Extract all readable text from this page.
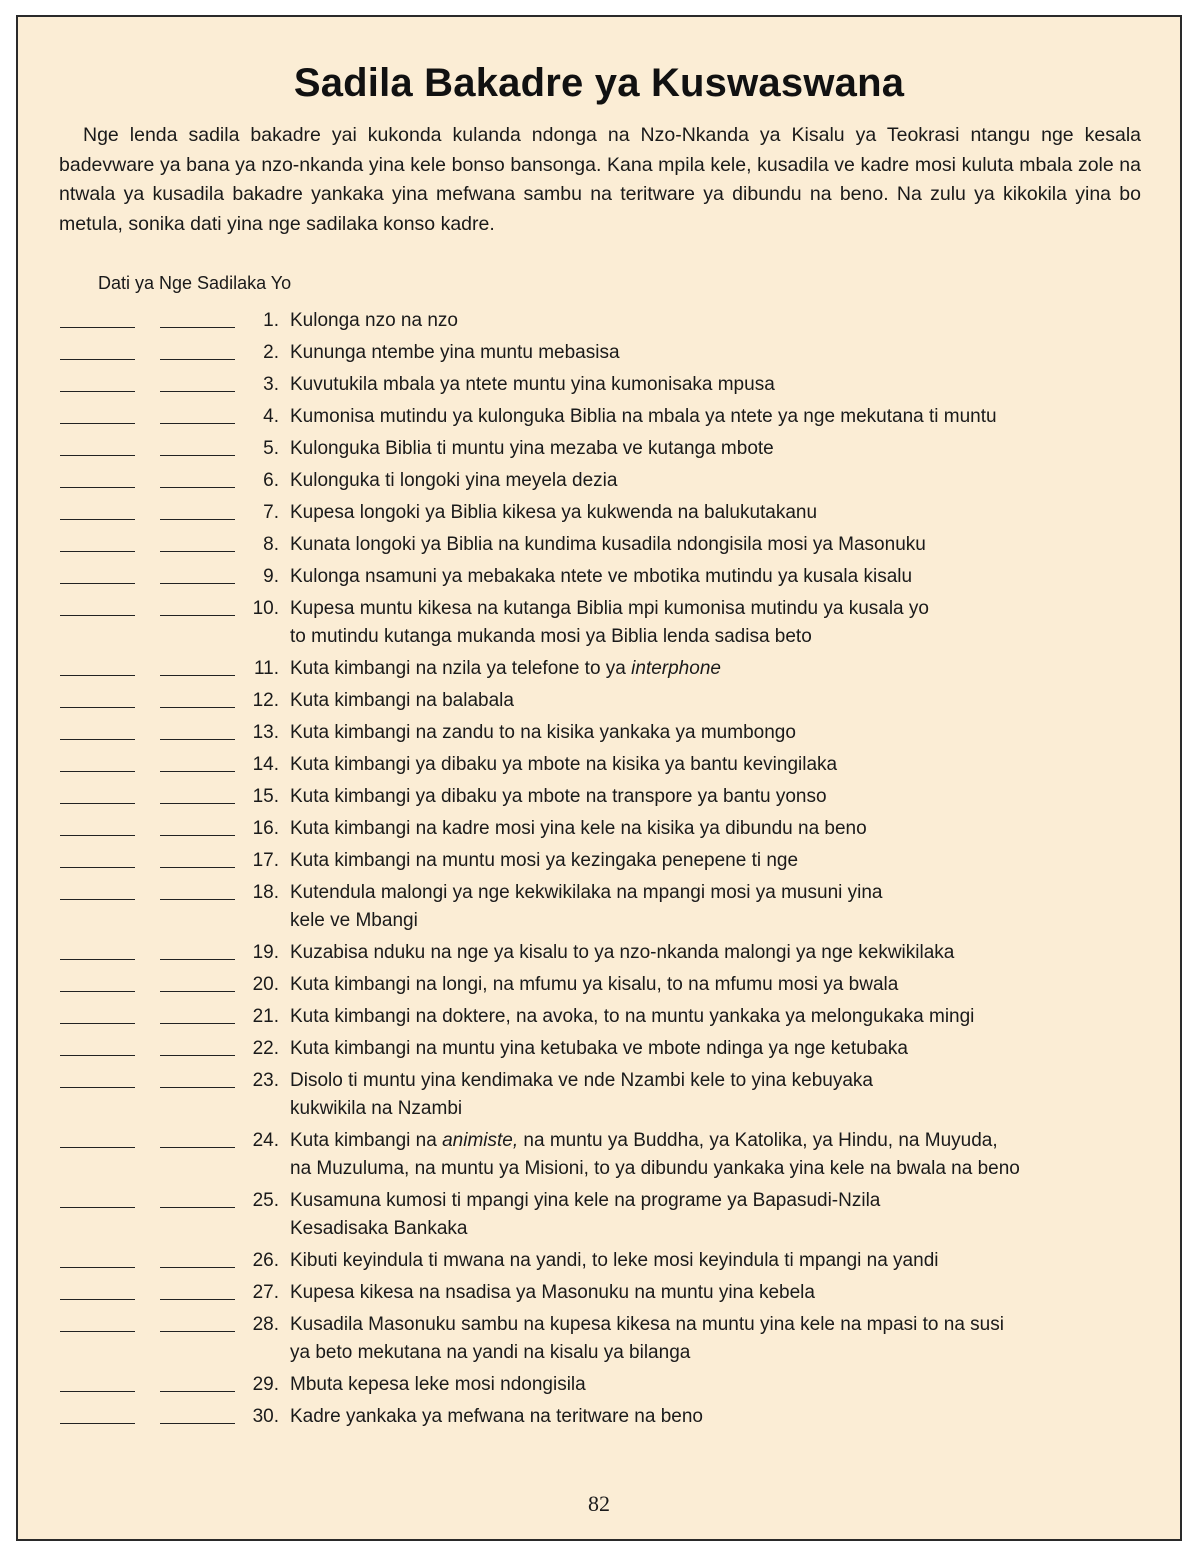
Sadila Bakadre ya Kuswaswana

Nge lenda sadila bakadre yai kukonda kulanda ndonga na Nzo-Nkanda ya Kisalu ya Teokrasi ntangu nge kesala badevware ya bana ya nzo-nkanda yina kele bonso bansonga. Kana mpila kele, kusadila ve kadre mosi kuluta mbala zole na ntwala ya kusadila bakadre yankaka yina mefwana sambu na teritware ya dibundu na beno. Na zulu ya kikokila yina bo metula, sonika dati yina nge sadilaka konso kadre.

Dati ya Nge Sadilaka Yo

1. Kulonga nzo na nzo
2. Kununga ntembe yina muntu mebasisa
3. Kuvutukila mbala ya ntete muntu yina kumonisaka mpusa
4. Kumonisa mutindu ya kulonguka Biblia na mbala ya ntete ya nge mekutana ti muntu
5. Kulonguka Biblia ti muntu yina mezaba ve kutanga mbote
6. Kulonguka ti longoki yina meyela dezia
7. Kupesa longoki ya Biblia kikesa ya kukwenda na balukutakanu
8. Kunata longoki ya Biblia na kundima kusadila ndongisila mosi ya Masonuku
9. Kulonga nsamuni ya mebakaka ntete ve mbotika mutindu ya kusala kisalu
10. Kupesa muntu kikesa na kutanga Biblia mpi kumonisa mutindu ya kusala yo
to mutindu kutanga mukanda mosi ya Biblia lenda sadisa beto
11. Kuta kimbangi na nzila ya telefone to ya interphone
12. Kuta kimbangi na balabala
13. Kuta kimbangi na zandu to na kisika yankaka ya mumbongo
14. Kuta kimbangi ya dibaku ya mbote na kisika ya bantu kevingilaka
15. Kuta kimbangi ya dibaku ya mbote na transpore ya bantu yonso
16. Kuta kimbangi na kadre mosi yina kele na kisika ya dibundu na beno
17. Kuta kimbangi na muntu mosi ya kezingaka penepene ti nge
18. Kutendula malongi ya nge kekwikilaka na mpangi mosi ya musuni yina
kele ve Mbangi
19. Kuzabisa nduku na nge ya kisalu to ya nzo-nkanda malongi ya nge kekwikilaka
20. Kuta kimbangi na longi, na mfumu ya kisalu, to na mfumu mosi ya bwala
21. Kuta kimbangi na doktere, na avoka, to na muntu yankaka ya melongukaka mingi
22. Kuta kimbangi na muntu yina ketubaka ve mbote ndinga ya nge ketubaka
23. Disolo ti muntu yina kendimaka ve nde Nzambi kele to yina kebuyaka
kukwikila na Nzambi
24. Kuta kimbangi na animiste, na muntu ya Buddha, ya Katolika, ya Hindu, na Muyuda,
na Muzuluma, na muntu ya Misioni, to ya dibundu yankaka yina kele na bwala na beno
25. Kusamuna kumosi ti mpangi yina kele na programe ya Bapasudi-Nzila
Kesadisaka Bankaka
26. Kibuti keyindula ti mwana na yandi, to leke mosi keyindula ti mpangi na yandi
27. Kupesa kikesa na nsadisa ya Masonuku na muntu yina kebela
28. Kusadila Masonuku sambu na kupesa kikesa na muntu yina kele na mpasi to na susi
ya beto mekutana na yandi na kisalu ya bilanga
29. Mbuta kepesa leke mosi ndongisila
30. Kadre yankaka ya mefwana na teritware na beno

82
